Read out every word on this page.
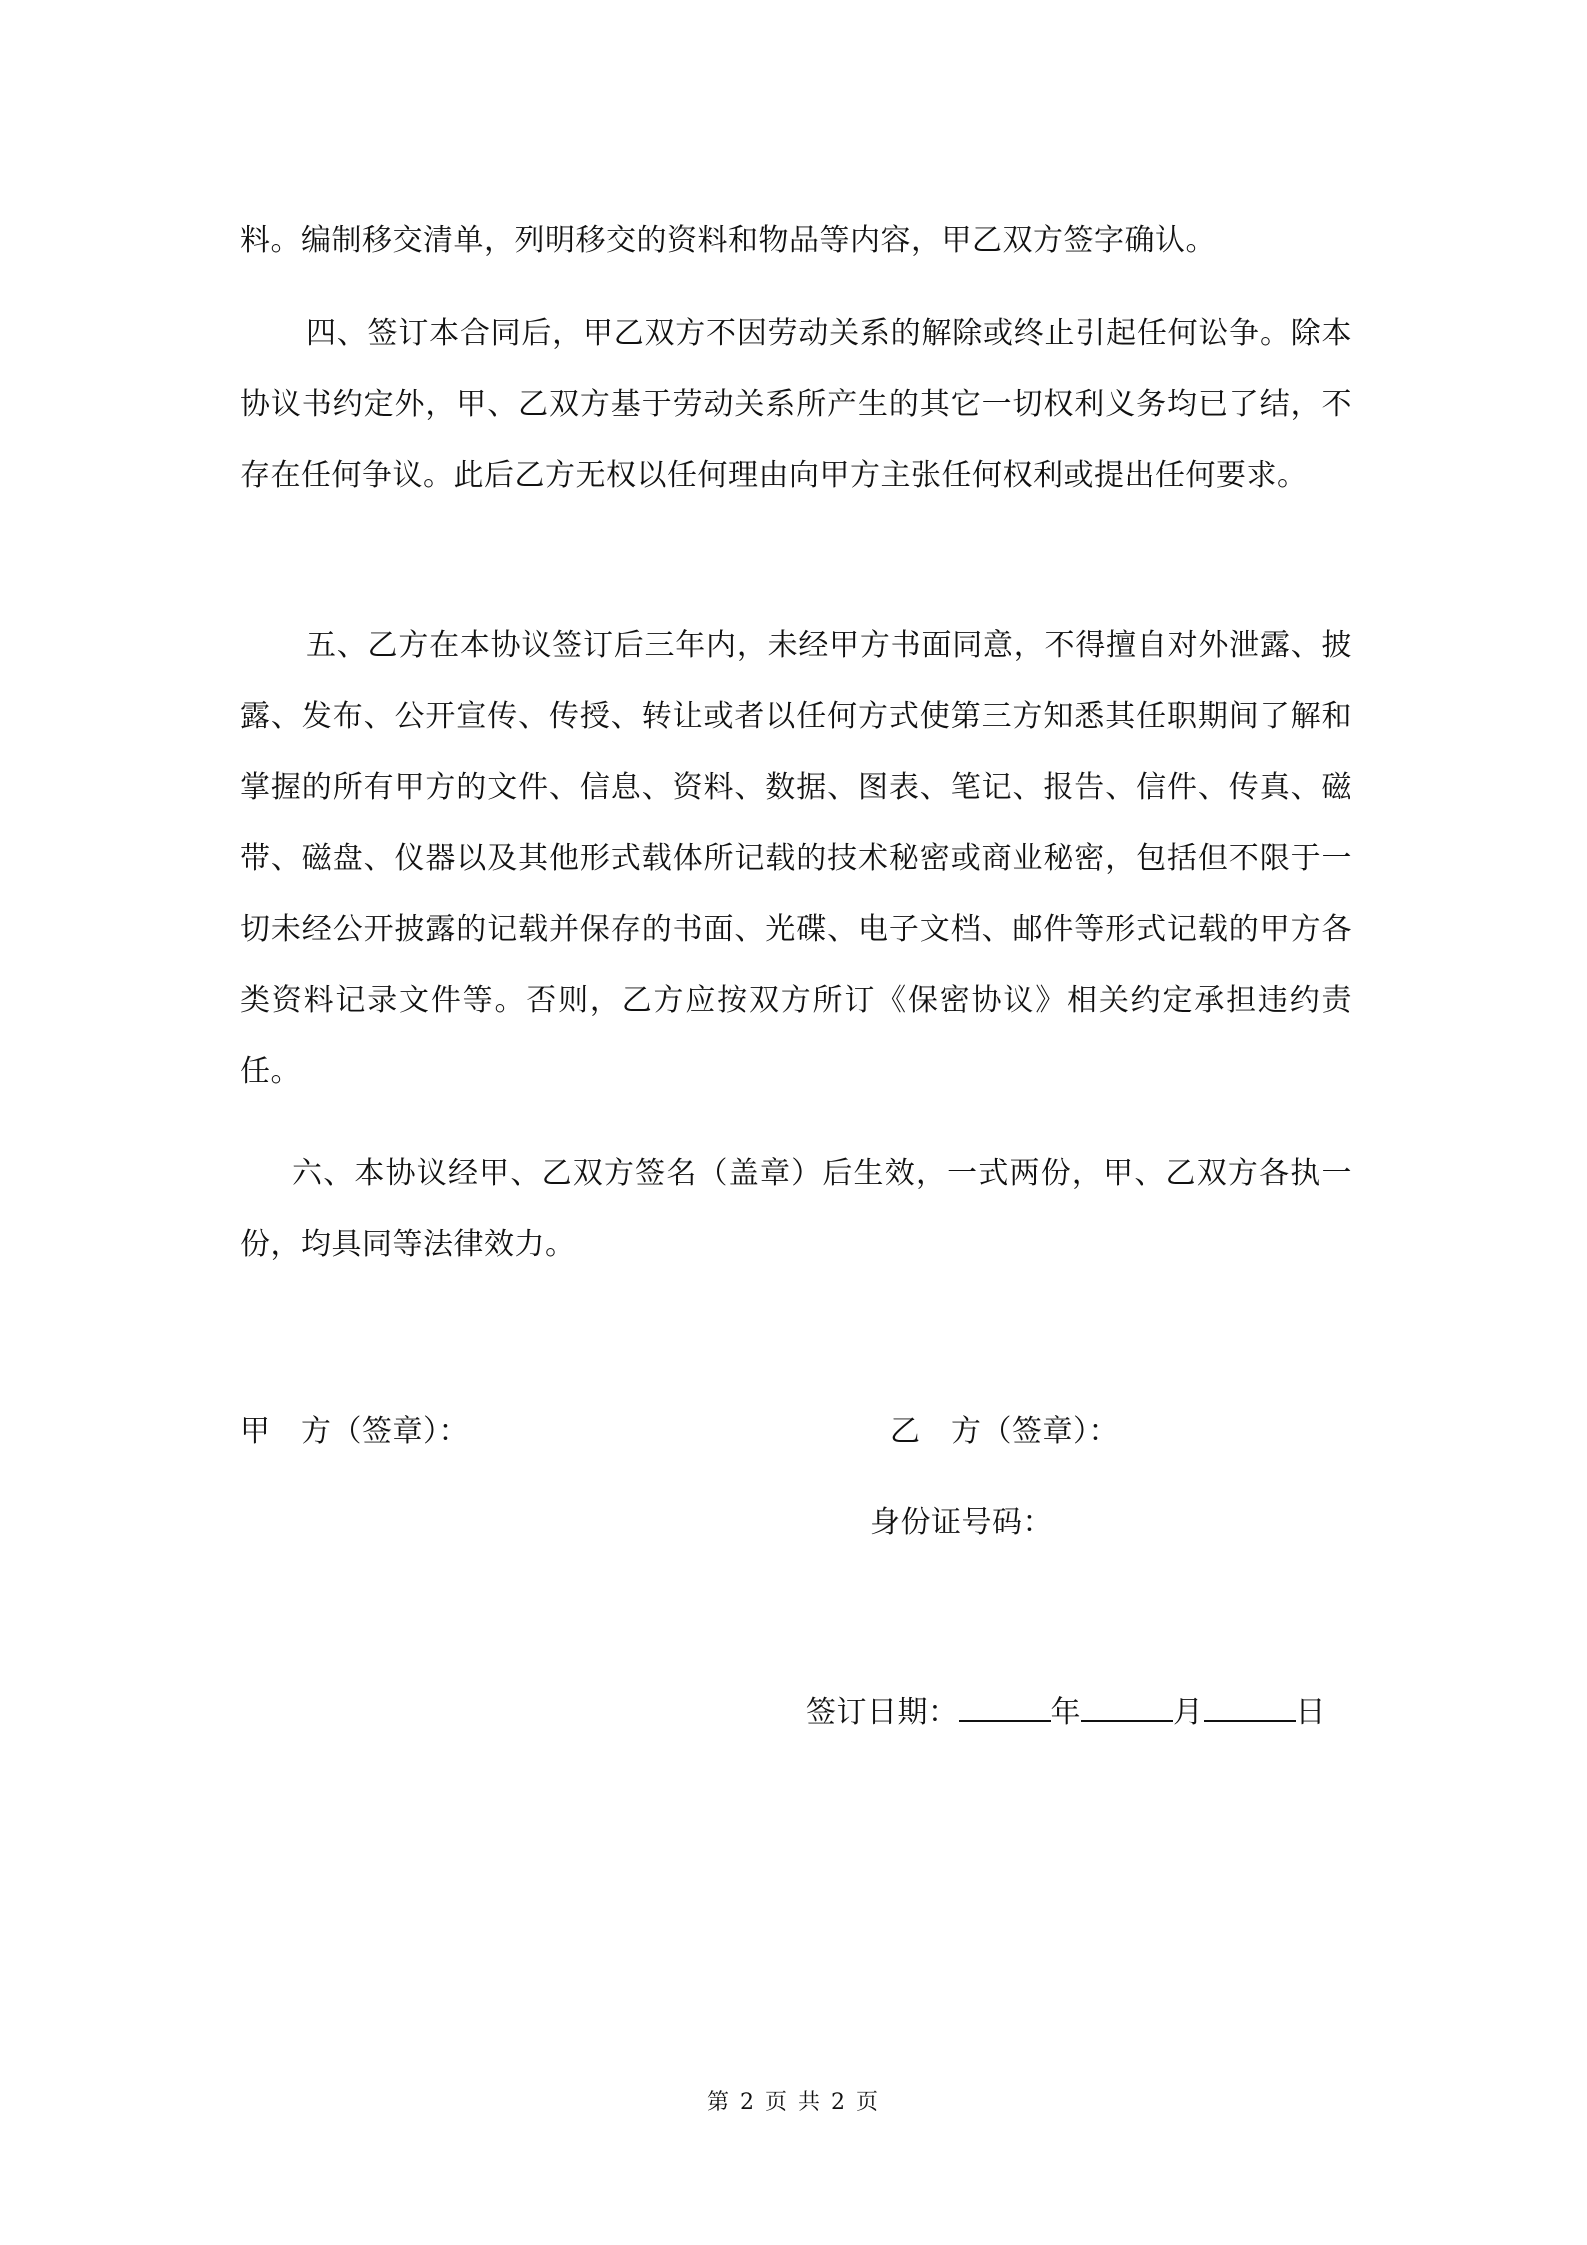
料。编制移交清单，列明移交的资料和物品等内容，甲乙双方签字确认。

四、签订本合同后，甲乙双方不因劳动关系的解除或终止引起任何讼争。除本协议书约定外，甲、乙双方基于劳动关系所产生的其它一切权利义务均已了结，不存在任何争议。此后乙方无权以任何理由向甲方主张任何权利或提出任何要求。

五、乙方在本协议签订后三年内，未经甲方书面同意，不得擅自对外泄露、披露、发布、公开宣传、传授、转让或者以任何方式使第三方知悉其任职期间了解和掌握的所有甲方的文件、信息、资料、数据、图表、笔记、报告、信件、传真、磁带、磁盘、仪器以及其他形式载体所记载的技术秘密或商业秘密，包括但不限于一切未经公开披露的记载并保存的书面、光碟、电子文档、邮件等形式记载的甲方各类资料记录文件等。否则，乙方应按双方所订《保密协议》相关约定承担违约责任。

六、本协议经甲、乙双方签名（盖章）后生效，一式两份，甲、乙双方各执一份，均具同等法律效力。

甲　方（签章）：	乙　方（签章）：
身份证号码：
签订日期：	年	月	日
第 2 页 共 2 页
